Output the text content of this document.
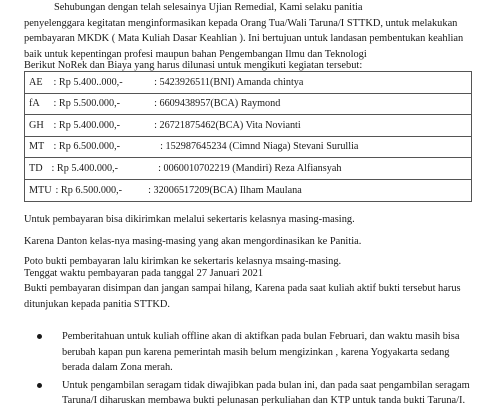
Sehubungan dengan telah selesainya Ujian Remedial, Kami selaku panitia
penyelenggara kegitatan menginformasikan kepada Orang Tua/Wali Taruna/I STTKD, untuk melakukan
pembayaran MKDK ( Mata Kuliah Dasar Keahlian ). Ini bertujuan untuk landasan pembentukan keahlian
baik untuk kepentingan profesi maupun bahan Pengembangan Ilmu dan Teknologi
Berikut NoRek dan Biaya yang harus dilunasi untuk mengikuti kegiatan tersebut:
AE : Rp 5.400..000,-	: 5423926511(BNI) Amanda chintya
fA : Rp 5.500.000,-	: 6609438957(BCA) Raymond
GH : Rp 5.400.000,-	: 26721875462(BCA) Vita Novianti
MT : Rp 6.500.000,-	: 152987645234 (Cimnd Niaga) Stevani Surullia
TD : Rp 5.400.000,-	: 0060010702219 (Mandiri) Reza Alfiansyah
MTU : Rp 6.500.000,-	: 32006517209(BCA) Ilham Maulana

Untuk pembayaran bisa dikirimkan melalui sekertaris kelasnya masing-masing.

Karena Danton kelas-nya masing-masing yang akan mengordinasikan ke Panitia.

Poto bukti pembayaran lalu kirimkan ke sekertaris kelasnya msaing-masing.

Tenggat waktu pembayaran pada tanggal 27 Januari 2021

Bukti pembayaran disimpan dan jangan sampai hilang, Karena pada saat kuliah aktif bukti tersebut harus
ditunjukan kepada panitia STTKD.
Pemberitahuan untuk kuliah offline akan di aktifkan pada bulan Februari, dan waktu masih bisa
berubah kapan pun karena pemerintah masih belum mengizinkan , karena Yogyakarta sedang
berada dalam Zona merah.
Untuk pengambilan seragam tidak diwajibkan pada bulan ini, dan pada saat pengambilan seragam
Taruna/I diharuskan membawa bukti pelunasan perkuliahan dan KTP untuk tanda bukti Taruna/I.
